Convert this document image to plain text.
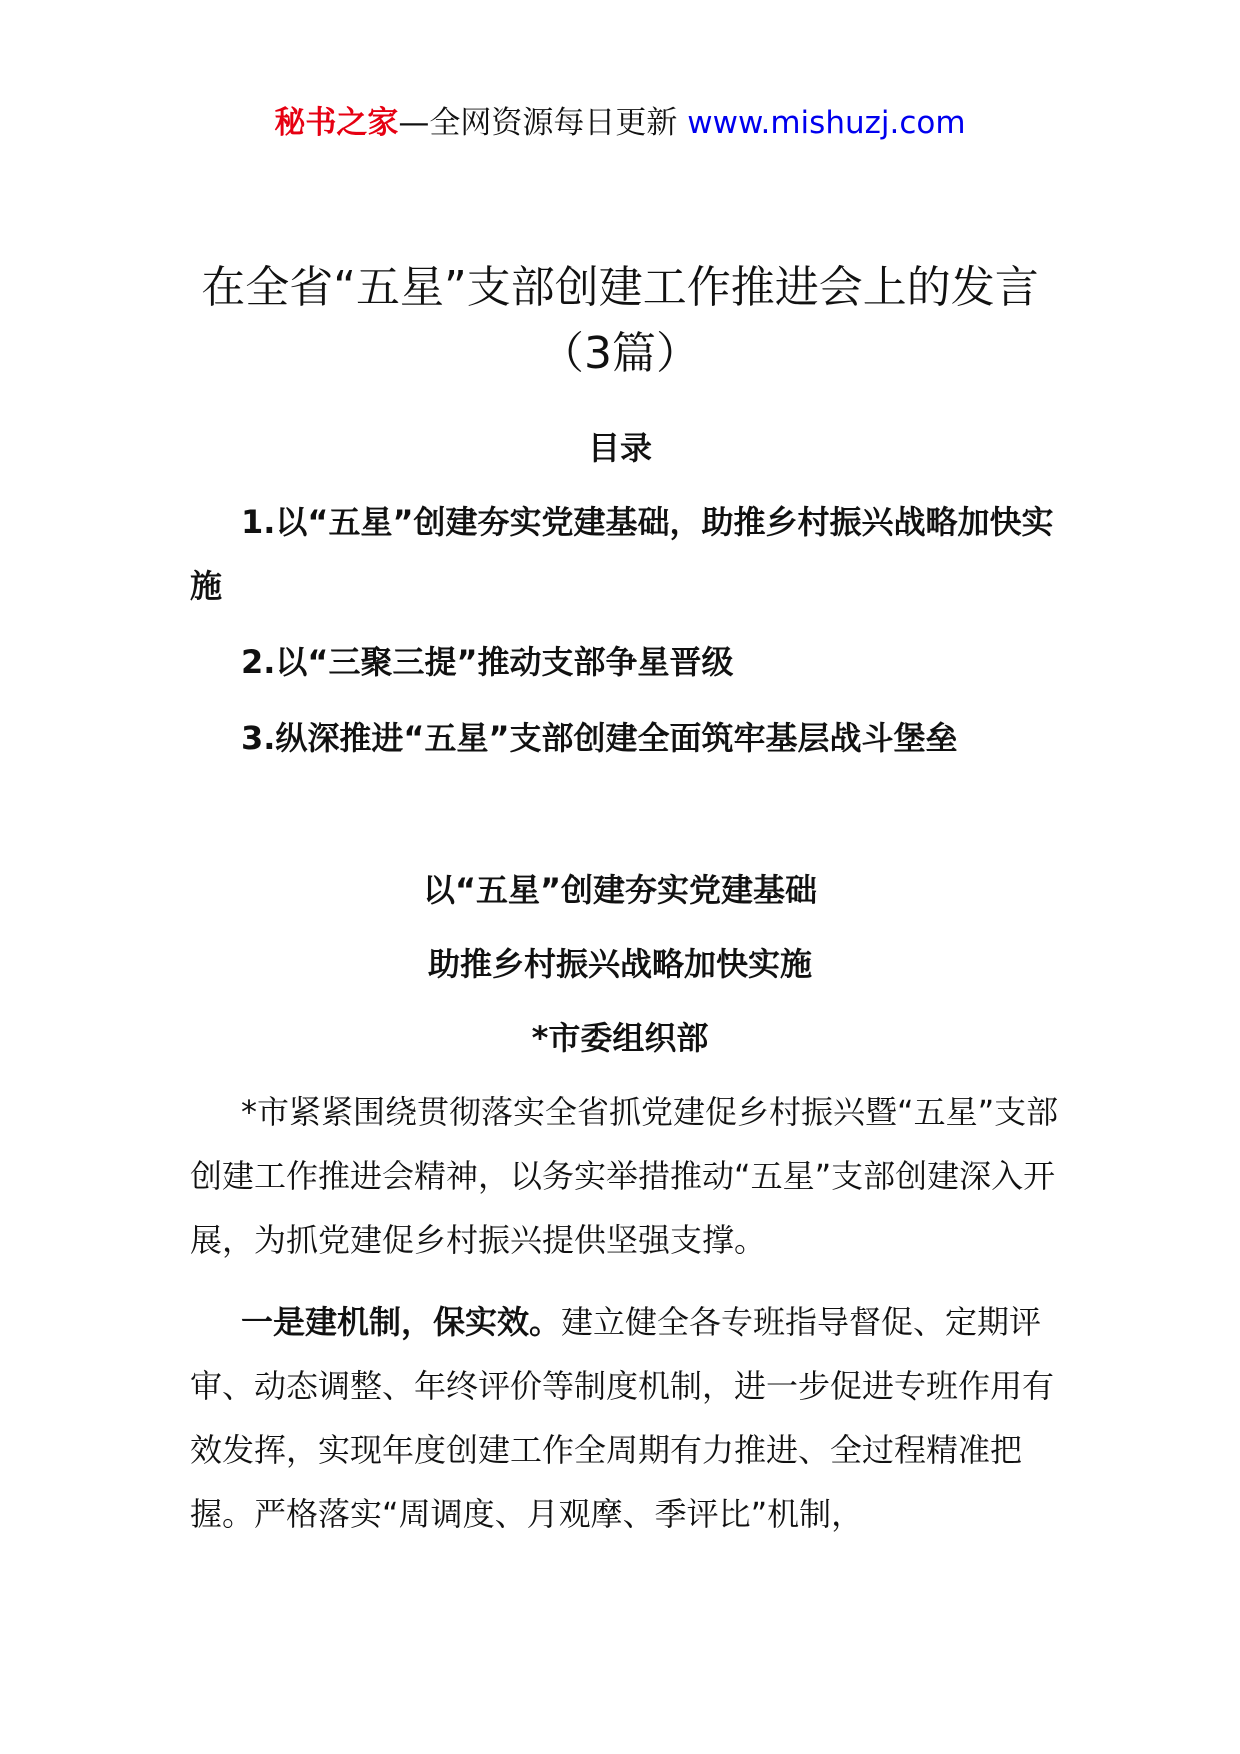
秘书之家—全网资源每日更新 www.mishuzj.com
在全省“五星”支部创建工作推进会上的发言（3篇）

目录

1.以“五星”创建夯实党建基础，助推乡村振兴战略加快实施

2.以“三聚三提”推动支部争星晋级

3.纵深推进“五星”支部创建全面筑牢基层战斗堡垒

以“五星”创建夯实党建基础

助推乡村振兴战略加快实施

*市委组织部

*市紧紧围绕贯彻落实全省抓党建促乡村振兴暨“五星”支部创建工作推进会精神，以务实举措推动“五星”支部创建深入开展，为抓党建促乡村振兴提供坚强支撑。

一是建机制，保实效。建立健全各专班指导督促、定期评审、动态调整、年终评价等制度机制，进一步促进专班作用有效发挥，实现年度创建工作全周期有力推进、全过程精准把握。严格落实“周调度、月观摩、季评比”机制，
